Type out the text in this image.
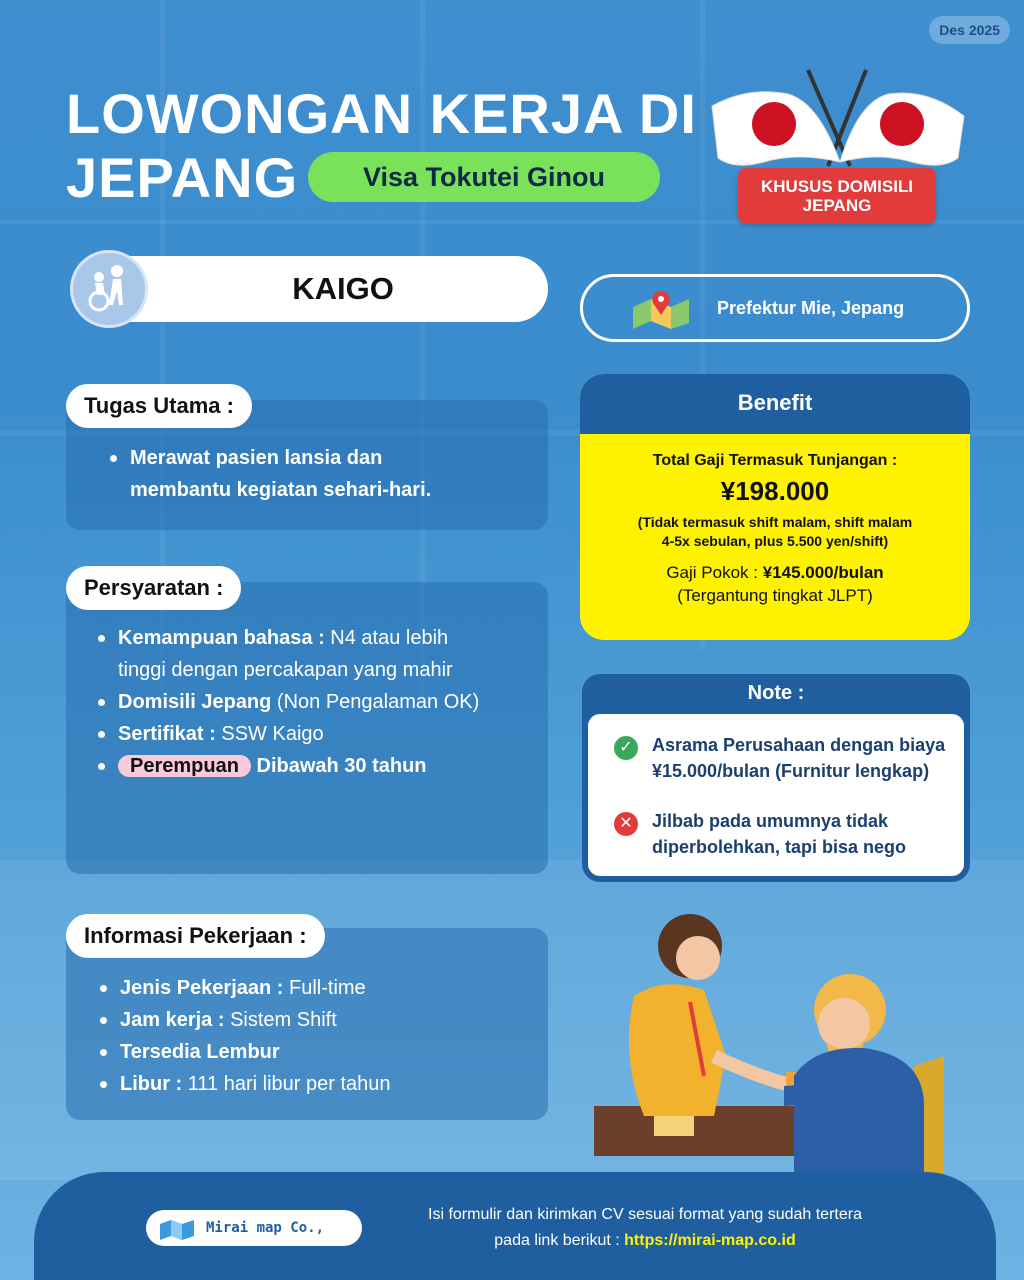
Des 2025
LOWONGAN KERJA DI
JEPANG	Visa Tokutei Ginou	KHUSUS DOMISILI
JEPANG
KAIGO
Prefektur Mie, Jepang
Tugas Utama :
Merawat pasien lansia dan membantu kegiatan sehari-hari.
Persyaratan :
Kemampuan bahasa : N4 atau lebih tinggi dengan percakapan yang mahir
Domisili Jepang (Non Pengalaman OK)
Sertifikat : SSW Kaigo
Perempuan Dibawah 30 tahun
Informasi Pekerjaan :
Jenis Pekerjaan : Full-time
Jam kerja : Sistem Shift
Tersedia Lembur
Libur : 111 hari libur per tahun
Benefit
Total Gaji Termasuk Tunjangan :
¥198.000
(Tidak termasuk shift malam, shift malam
4-5x sebulan, plus 5.500 yen/shift)
Gaji Pokok : ¥145.000/bulan
(Tergantung tingkat JLPT)
Note :
✓ Asrama Perusahaan dengan biaya ¥15.000/bulan (Furnitur lengkap)
✕ Jilbab pada umumnya tidak diperbolehkan, tapi bisa nego
Mirai map Co., Ltd.
Isi formulir dan kirimkan CV sesuai format yang sudah tertera
pada link berikut : https://mirai-map.co.id
